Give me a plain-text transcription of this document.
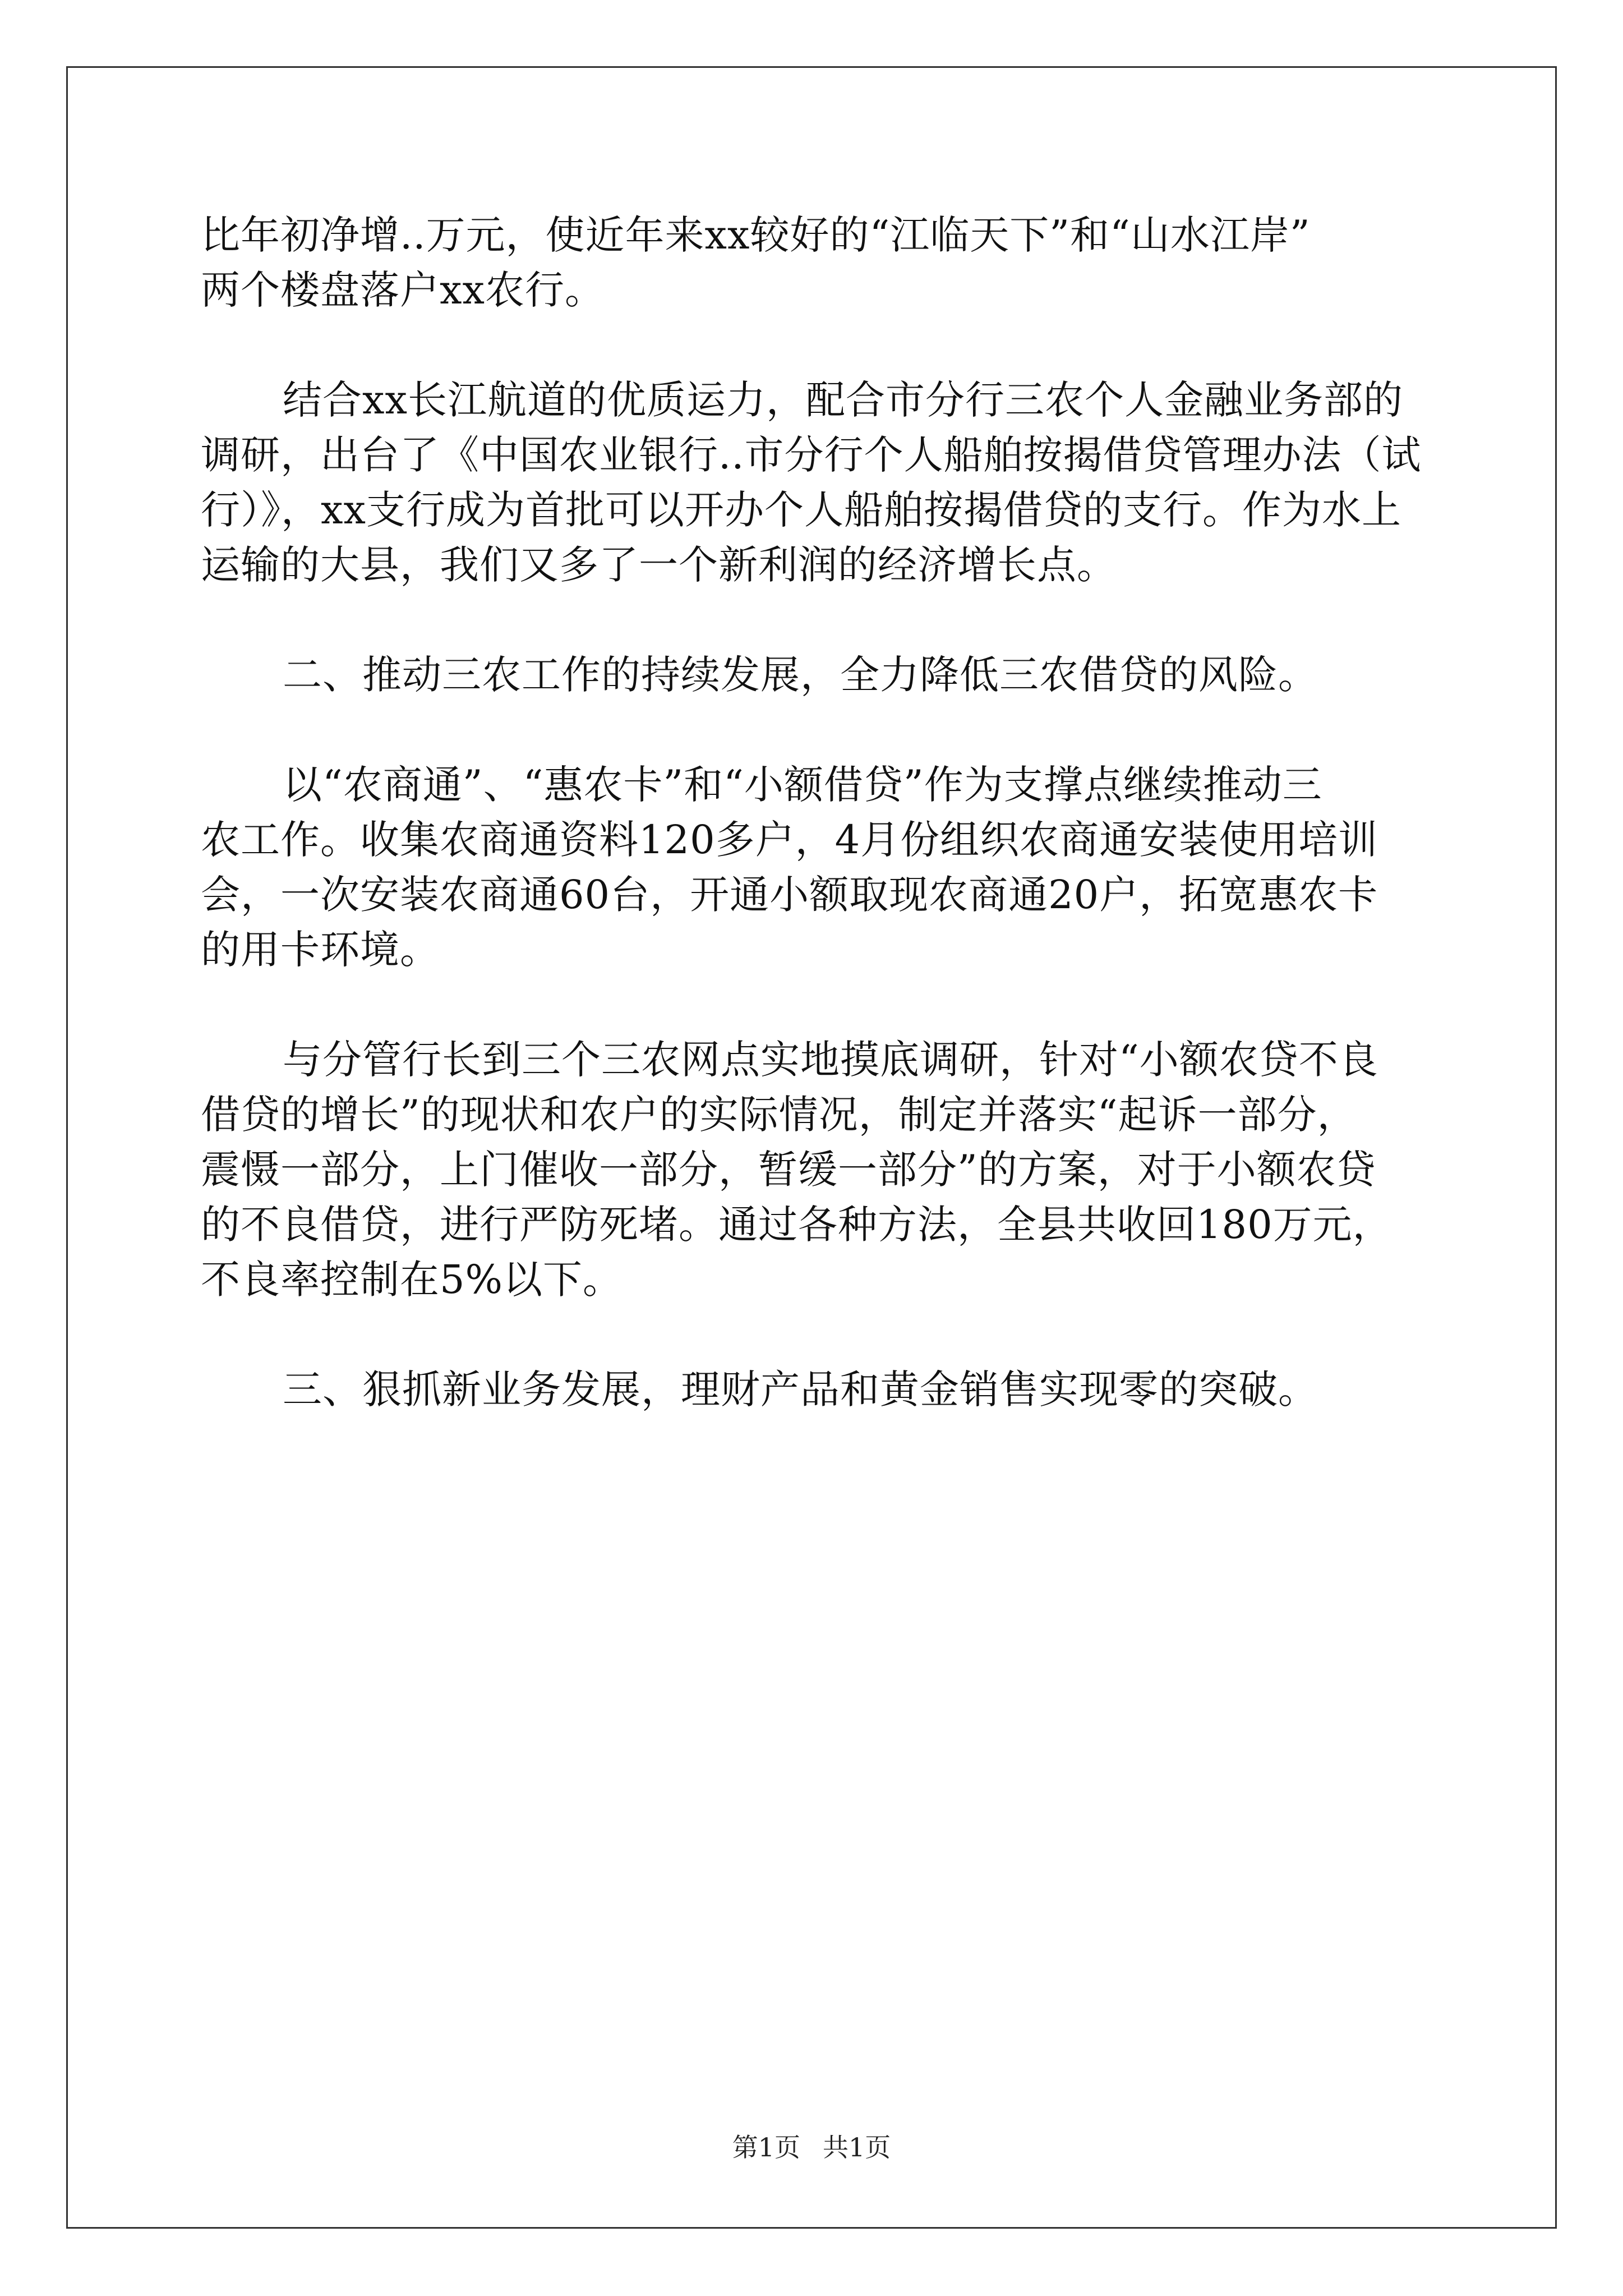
比年初净增..万元，使近年来xx较好的“江临天下”和“山水江岸”
两个楼盘落户xx农行。
结合xx长江航道的优质运力，配合市分行三农个人金融业务部的
调研，出台了《中国农业银行..市分行个人船舶按揭借贷管理办法（试
行）》，xx支行成为首批可以开办个人船舶按揭借贷的支行。作为水上
运输的大县，我们又多了一个新利润的经济增长点。
二、推动三农工作的持续发展，全力降低三农借贷的风险。
以“农商通”、“惠农卡”和“小额借贷”作为支撑点继续推动三
农工作。收集农商通资料120多户，4月份组织农商通安装使用培训
会，一次安装农商通60台，开通小额取现农商通20户，拓宽惠农卡
的用卡环境。
与分管行长到三个三农网点实地摸底调研，针对“小额农贷不良
借贷的增长”的现状和农户的实际情况，制定并落实“起诉一部分，
震慑一部分，上门催收一部分，暂缓一部分”的方案，对于小额农贷
的不良借贷，进行严防死堵。通过各种方法，全县共收回180万元，
不良率控制在5%以下。
三、狠抓新业务发展，理财产品和黄金销售实现零的突破。
第1页 共1页
